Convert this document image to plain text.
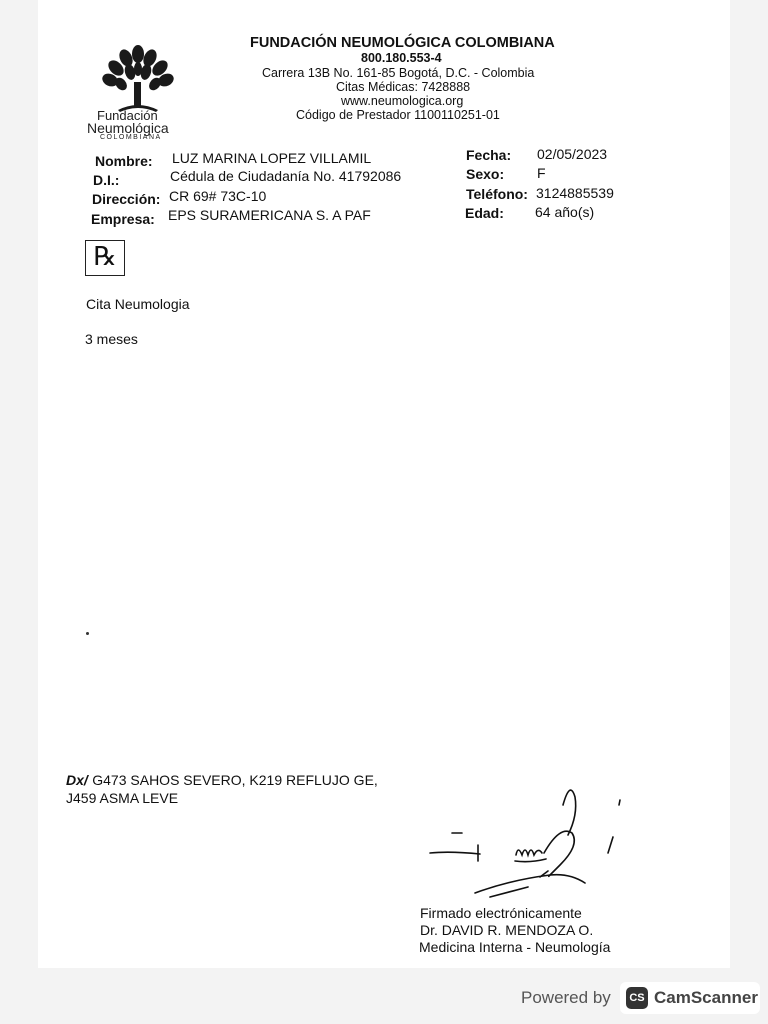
Fundación
Neumológica
COLOMBIANA
FUNDACIÓN NEUMOLÓGICA COLOMBIANA
800.180.553-4
Carrera 13B No. 161-85 Bogotá, D.C. - Colombia
Citas Médicas: 7428888
www.neumologica.org
Código de Prestador 1100110251-01
Nombre: LUZ MARINA LOPEZ VILLAMIL
D.I.:	Cédula de Ciudadanía No. 41792086
Dirección: CR 69# 73C-10
Empresa: EPS SURAMERICANA S. A PAF
Fecha: 02/05/2023
Sexo: F
Teléfono: 3124885539
Edad: 64 año(s)
℞
Cita Neumologia
3 meses
Dx/ G473 SAHOS SEVERO, K219 REFLUJO GE,
J459 ASMA LEVE
Firmado electrónicamente
Dr. DAVID R. MENDOZA O.
Medicina Interna - Neumología
Powered by	CS CamScanner
